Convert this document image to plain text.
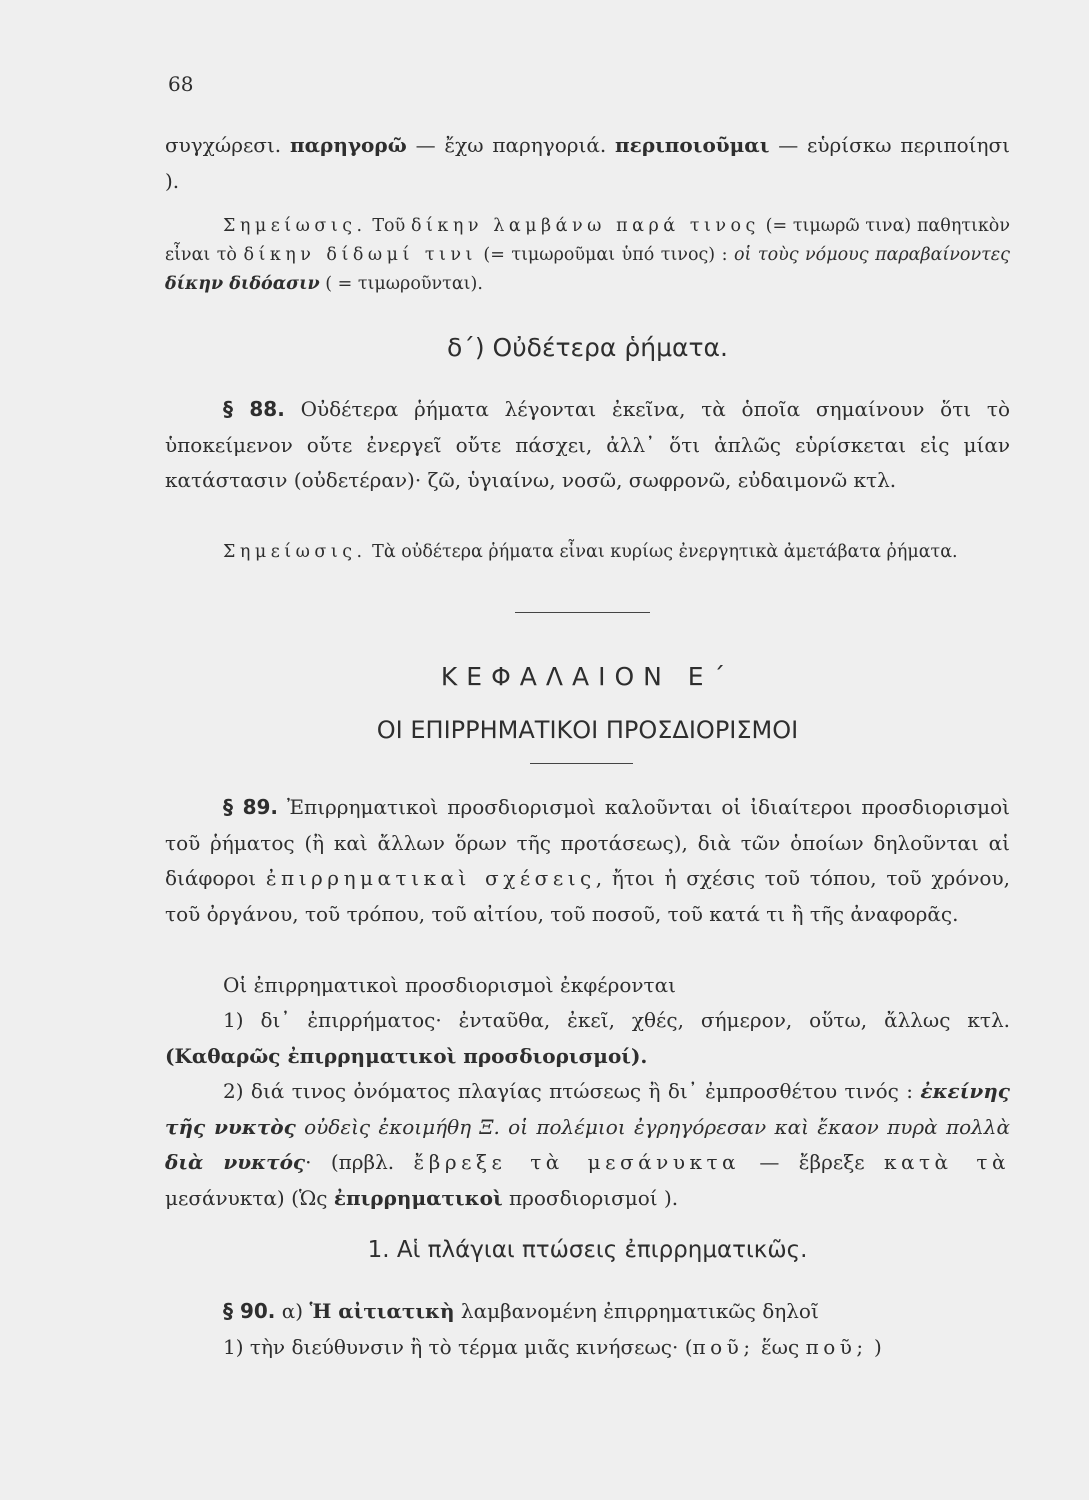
68

συγχώρεσι. παρηγορῶ — ἔχω παρηγοριά. περιποιοῦμαι — εὑρίσκω περιποίησι ).

Σημείωσις. Τοῦ δίκην λαμβάνω παρά τινος (= τιμωρῶ τινα) παθητικὸν εἶναι τὸ δίκην δίδωμί τινι (= τιμωροῦμαι ὑπό τινος) : οἱ τοὺς νόμους παραβαίνοντες δίκην διδόασιν ( = τιμωροῦνται).

δ΄) Οὐδέτερα ῥήματα.

§ 88. Οὐδέτερα ῥήματα λέγονται ἐκεῖνα, τὰ ὁποῖα σημαίνουν ὅτι τὸ ὑποκείμενον οὔτε ἐνεργεῖ οὔτε πάσχει, ἀλλ᾽ ὅτι ἁπλῶς εὑρίσκεται εἰς μίαν κατάστασιν (οὐδετέραν)· ζῶ, ὑγιαίνω, νοσῶ, σωφρονῶ, εὐδαιμονῶ κτλ.

Σημείωσις. Τὰ οὐδέτερα ῥήματα εἶναι κυρίως ἐνεργητικὰ ἀμετάβατα ῥήματα.

ΚΕΦΑΛΑΙΟΝ Ε΄
ΟΙ ΕΠΙΡΡΗΜΑΤΙΚΟΙ ΠΡΟΣΔΙΟΡΙΣΜΟΙ

§ 89. Ἐπιρρηματικοὶ προσδιορισμοὶ καλοῦνται οἱ ἰδιαίτεροι προσδιορισμοὶ τοῦ ῥήματος (ἢ καὶ ἄλλων ὅρων τῆς προτάσεως), διὰ τῶν ὁποίων δηλοῦνται αἱ διάφοροι ἐπιρρηματικαὶ σχέσεις, ἤτοι ἡ σχέσις τοῦ τόπου, τοῦ χρόνου, τοῦ ὀργάνου, τοῦ τρόπου, τοῦ αἰτίου, τοῦ ποσοῦ, τοῦ κατά τι ἢ τῆς ἀναφορᾶς.

Οἱ ἐπιρρηματικοὶ προσδιορισμοὶ ἐκφέρονται

1) δι᾽ ἐπιρρήματος· ἐνταῦθα, ἐκεῖ, χθές, σήμερον, οὕτω, ἄλλως κτλ. (Καθαρῶς ἐπιρρηματικοὶ προσδιορισμοί).

2) διά τινος ὀνόματος πλαγίας πτώσεως ἢ δι᾽ ἐμπροσθέτου τινός : ἐκείνης τῆς νυκτὸς οὐδεὶς ἐκοιμήθη Ξ. οἱ πολέμιοι ἐγρηγόρεσαν καὶ ἔκαον πυρὰ πολλὰ διὰ νυκτός· (πρβλ. ἔβρεξε τὰ μεσάνυκτα — ἔβρεξε κατὰ τὰ μεσάνυκτα) (Ὡς ἐπιρρηματικοὶ προσδιορισμοί ).

1. Αἱ πλάγιαι πτώσεις ἐπιρρηματικῶς.

§ 90. α) Ἡ αἰτιατικὴ λαμβανομένη ἐπιρρηματικῶς δηλοῖ

1) τὴν διεύθυνσιν ἢ τὸ τέρμα μιᾶς κινήσεως· (ποῦ; ἕως ποῦ; )
